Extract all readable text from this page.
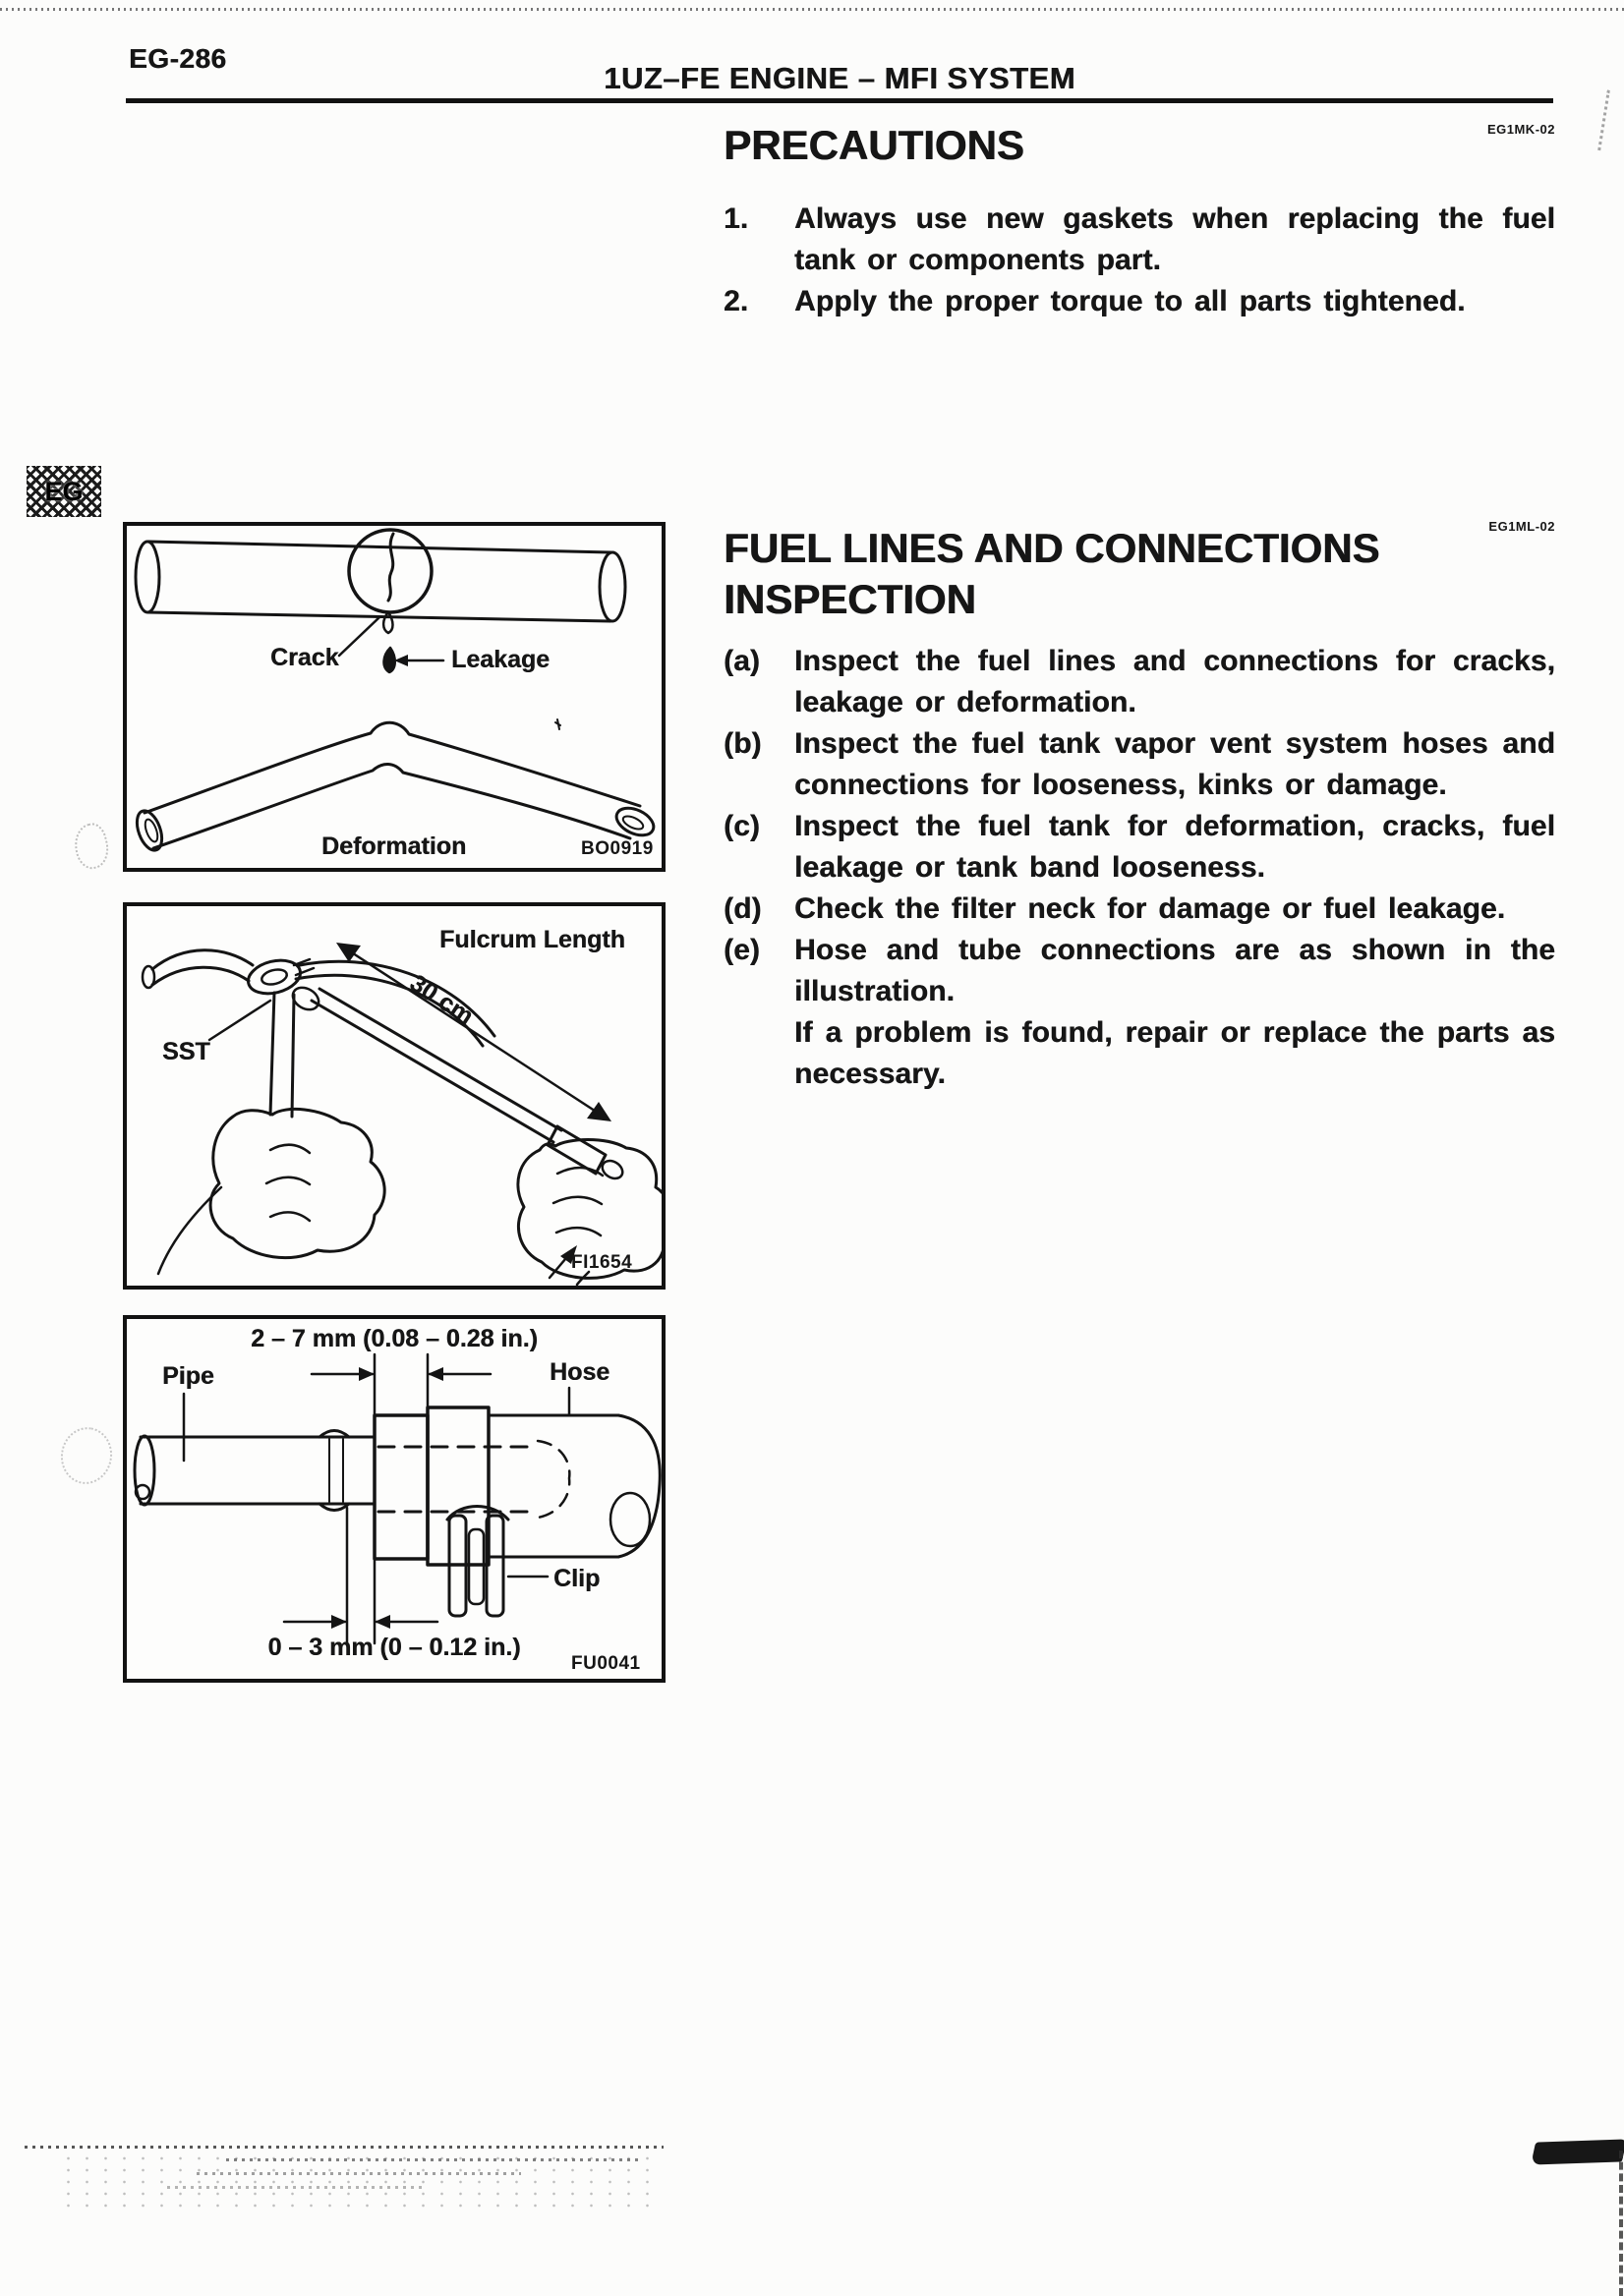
EG-286
1UZ–FE ENGINE – MFI SYSTEM
EG
EG1MK-02
PRECAUTIONS
1. Always use new gaskets when replacing the fuel tank or components part.
2. Apply the proper torque to all parts tightened.
EG1ML-02
FUEL LINES AND CONNECTIONS
INSPECTION
(a) Inspect the fuel lines and connections for cracks, leakage or deformation.
(b) Inspect the fuel tank vapor vent system hoses and connections for looseness, kinks or damage.
(c) Inspect the fuel tank for deformation, cracks, fuel leakage or tank band looseness.
(d) Check the filter neck for damage or fuel leakage.
(e) Hose and tube connections are as shown in the illustration.
If a problem is found, repair or replace the parts as necessary.
Crack	Leakage
Deformation	BO0919
Fulcrum Length
30 cm
SST
FI1654
2 – 7 mm (0.08 – 0.28 in.)
Pipe	Hose
Clip
0 – 3 mm (0 – 0.12 in.)
FU0041
